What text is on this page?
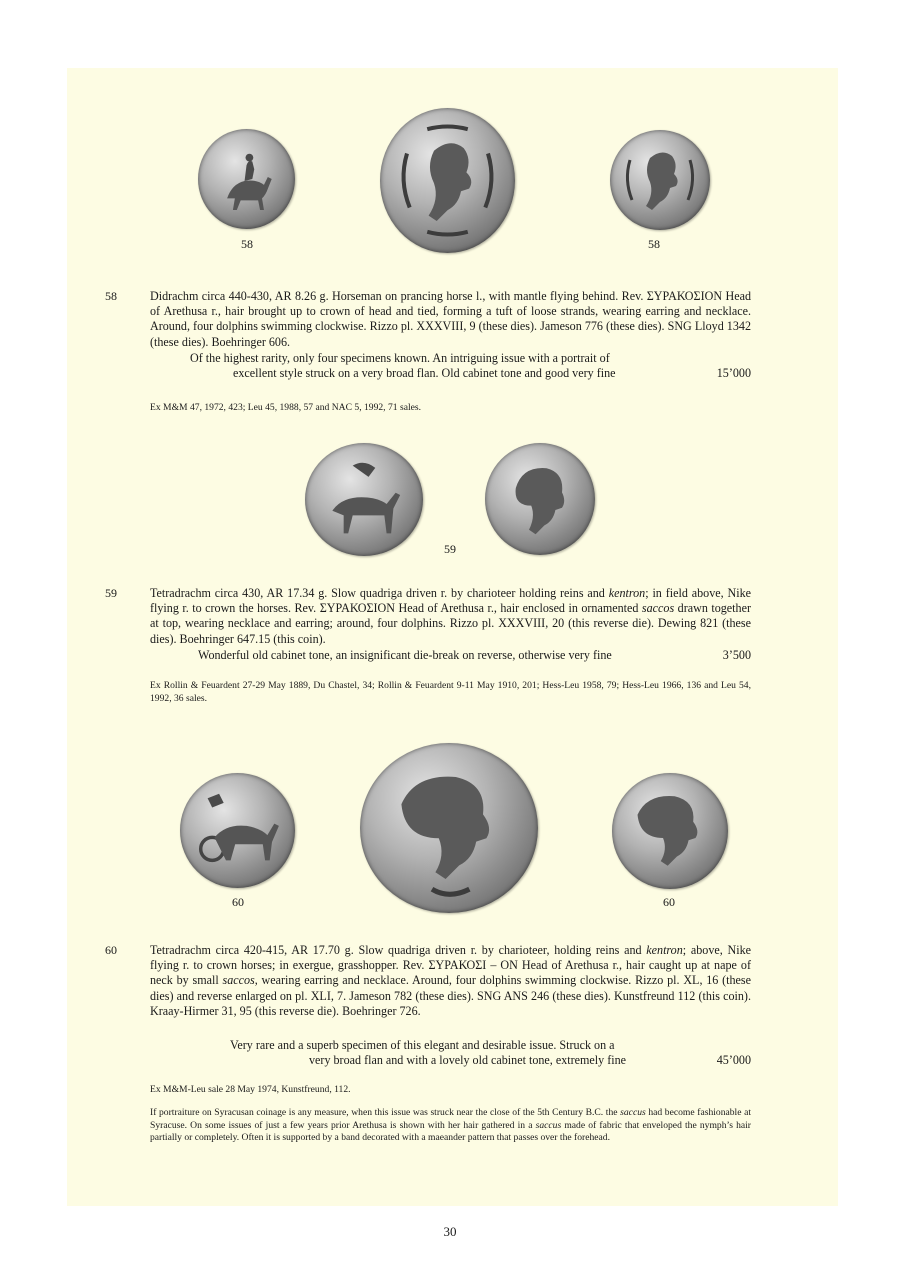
58	58
58	Didrachm circa 440-430, AR 8.26 g. Horseman on prancing horse l., with mantle flying behind. Rev. ΣΥΡΑΚΟΣΙΟΝ Head of Arethusa r., hair brought up to crown of head and tied, forming a tuft of loose strands, wearing earring and necklace. Around, four dolphins swimming clockwise. Rizzo pl. XXXVIII, 9 (these dies). Jameson 776 (these dies). SNG Lloyd 1342 (these dies). Boehringer 606.
Of the highest rarity, only four specimens known. An intriguing issue with a portrait of
excellent style struck on a very broad flan. Old cabinet tone and good very fine	15’000
Ex M&M 47, 1972, 423; Leu 45, 1988, 57 and NAC 5, 1992, 71 sales.
59
59	Tetradrachm circa 430, AR 17.34 g. Slow quadriga driven r. by charioteer holding reins and kentron; in field above, Nike flying r. to crown the horses. Rev. ΣΥΡΑΚΟΣΙΟΝ Head of Arethusa r., hair enclosed in ornamented saccos drawn together at top, wearing necklace and earring; around, four dolphins. Rizzo pl. XXXVIII, 20 (this reverse die). Dewing 821 (these dies). Boehringer 647.15 (this coin).
Wonderful old cabinet tone, an insignificant die-break on reverse, otherwise very fine	3’500
Ex Rollin & Feuardent 27-29 May 1889, Du Chastel, 34; Rollin & Feuardent 9-11 May 1910, 201; Hess-Leu 1958, 79; Hess-Leu 1966, 136 and Leu 54, 1992, 36 sales.
60	60
60	Tetradrachm circa 420-415, AR 17.70 g. Slow quadriga driven r. by charioteer, holding reins and kentron; above, Nike flying r. to crown horses; in exergue, grasshopper. Rev. ΣΥΡΑΚΟΣΙ – ΟΝ Head of Arethusa r., hair caught up at nape of neck by small saccos, wearing earring and necklace. Around, four dolphins swimming clockwise. Rizzo pl. XL, 16 (these dies) and reverse enlarged on pl. XLI, 7. Jameson 782 (these dies). SNG ANS 246 (these dies). Kunstfreund 112 (this coin). Kraay-Hirmer 31, 95 (this reverse die). Boehringer 726.
Very rare and a superb specimen of this elegant and desirable issue. Struck on a
very broad flan and with a lovely old cabinet tone, extremely fine	45’000
Ex M&M-Leu sale 28 May 1974, Kunstfreund, 112.
If portraiture on Syracusan coinage is any measure, when this issue was struck near the close of the 5th Century B.C. the saccus had become fashionable at Syracuse. On some issues of just a few years prior Arethusa is shown with her hair gathered in a saccus made of fabric that enveloped the nymph’s hair partially or completely. Often it is supported by a band decorated with a maeander pattern that passes over the forehead.
30
